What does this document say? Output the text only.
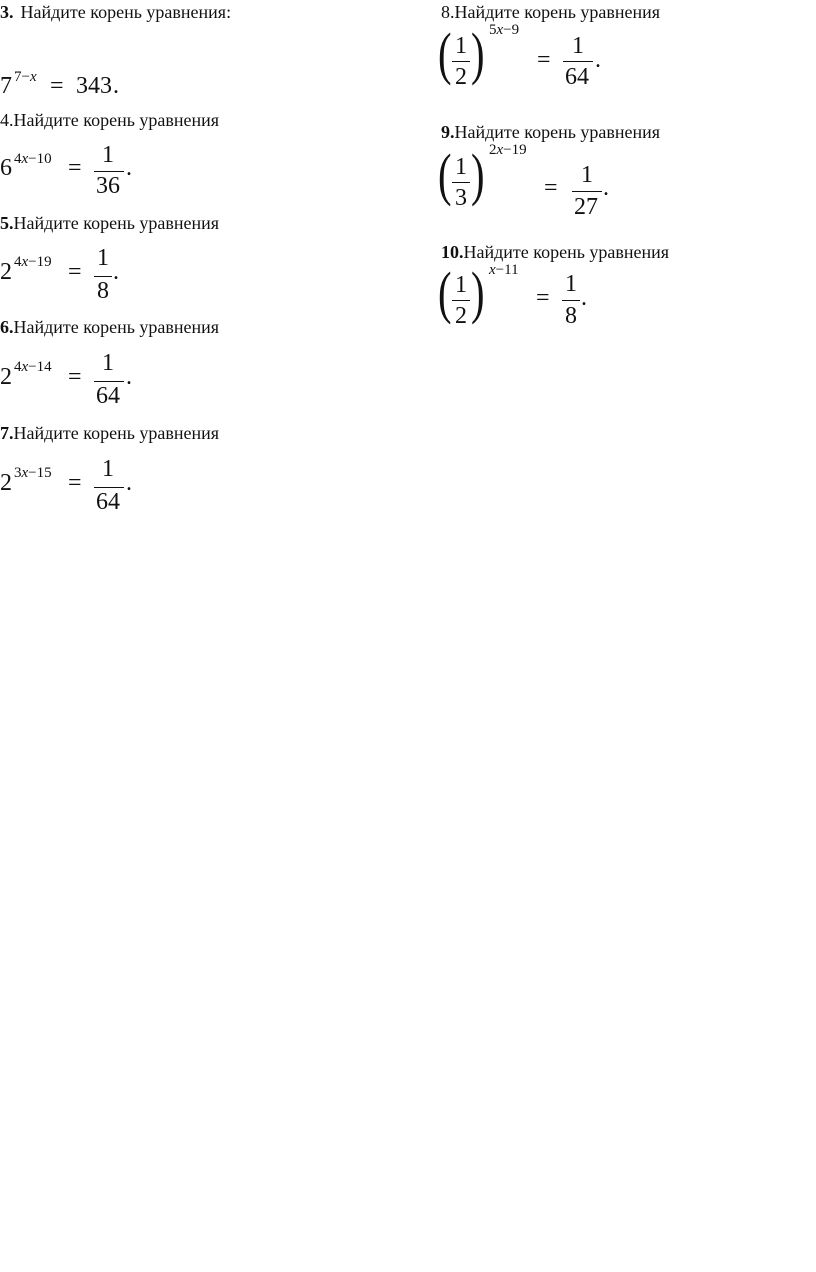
3. Найдите корень уравнения:
7 7−x = 343 .
4.Найдите корень уравнения
6 4x−10 = 1
36
.
5.Найдите корень уравнения
2 4x−19 =
1
8
.
6.Найдите корень уравнения
2 4x−14 =
1
64
.
7.Найдите корень уравнения
2 3x−15 =
1
64
.
8.Найдите корень уравнения
( 1
2 ) 5x−9
=
1
64
.
9.Найдите корень уравнения
( 1
3 ) 2x−19
= 1
27
.
10.Найдите корень уравнения
( 1
2 ) x−11
=
1
8
.
